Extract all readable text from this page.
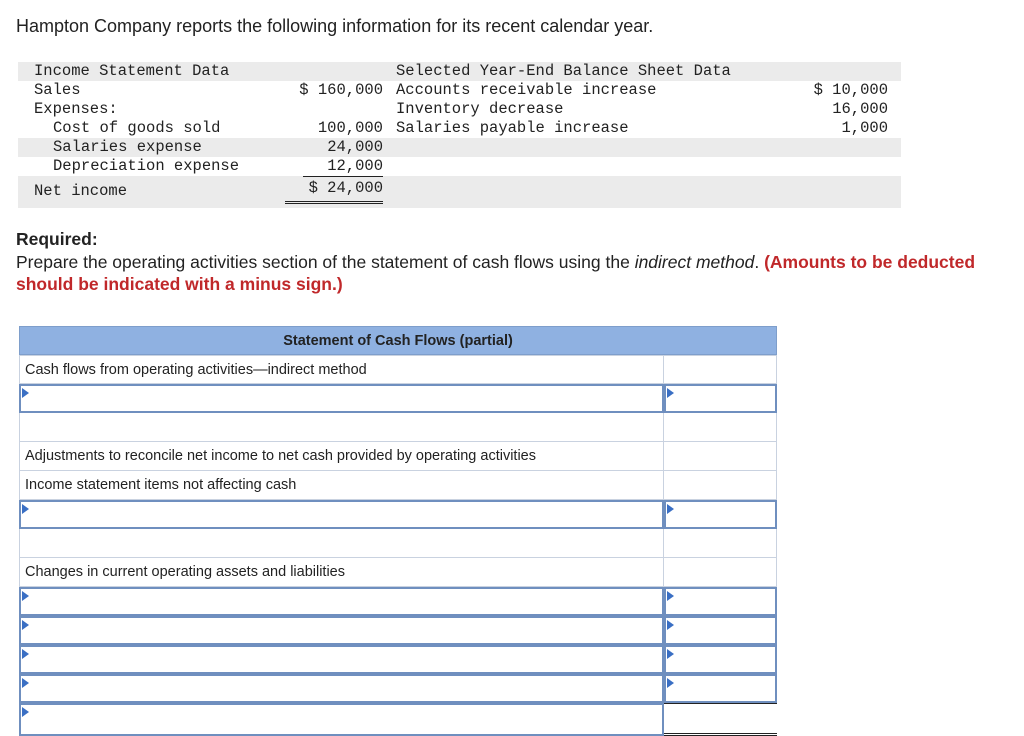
Hampton Company reports the following information for its recent calendar year.
Income Statement Data
Sales
Expenses:
Cost of goods sold
Salaries expense
Depreciation expense
Net income
$ 160,000
100,000
24,000
12,000
$ 24,000
Selected Year-End Balance Sheet Data
Accounts receivable increase
Inventory decrease
Salaries payable increase
$ 10,000
16,000
1,000
Required:
Prepare the operating activities section of the statement of cash flows using the indirect method. (Amounts to be deducted should be indicated with a minus sign.)
Statement of Cash Flows (partial)
Cash flows from operating activities—indirect method
Adjustments to reconcile net income to net cash provided by operating activities
Income statement items not affecting cash
Changes in current operating assets and liabilities
